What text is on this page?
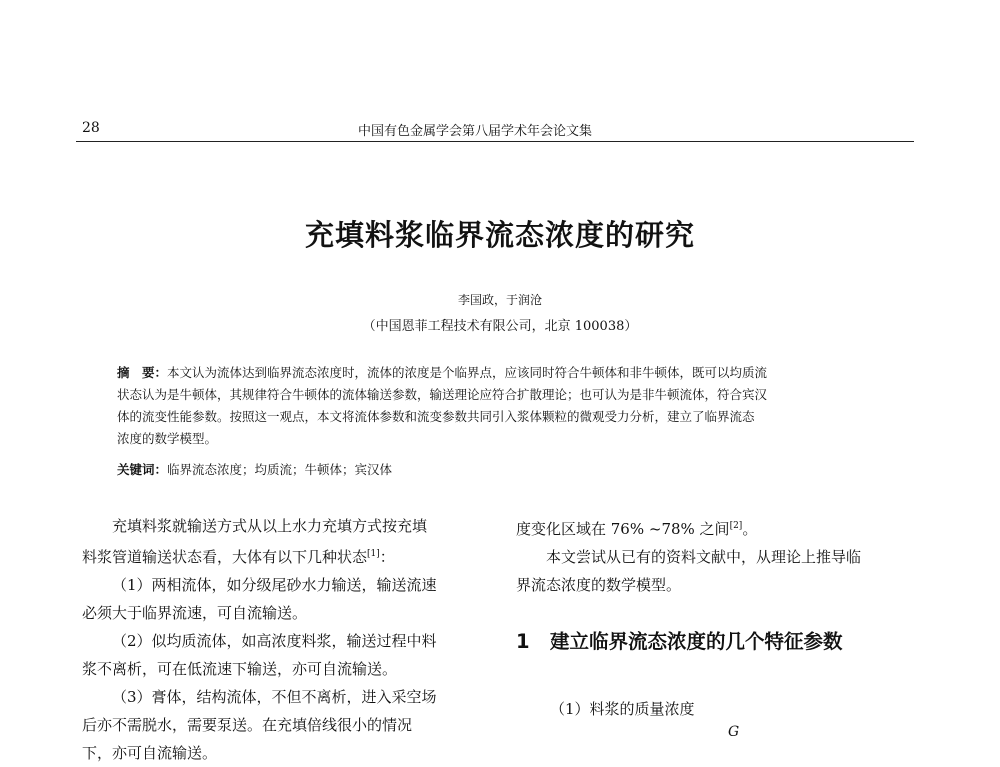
28	中国有色金属学会第八届学术年会论文集
充填料浆临界流态浓度的研究
李国政，于润沧
（中国恩菲工程技术有限公司，北京 100038）
摘　要：本文认为流体达到临界流态浓度时，流体的浓度是个临界点，应该同时符合牛顿体和非牛顿体，既可以均质流
状态认为是牛顿体，其规律符合牛顿体的流体输送参数，输送理论应符合扩散理论；也可认为是非牛顿流体，符合宾汉
体的流变性能参数。按照这一观点，本文将流体参数和流变参数共同引入浆体颗粒的微观受力分析，建立了临界流态
浓度的数学模型。
关键词：临界流态浓度；均质流；牛顿体；宾汉体

充填料浆就输送方式从以上水力充填方式按充填

料浆管道输送状态看，大体有以下几种状态[1]：

（1）两相流体，如分级尾砂水力输送，输送流速

必须大于临界流速，可自流输送。

（2）似均质流体，如高浓度料浆，输送过程中料

浆不离析，可在低流速下输送，亦可自流输送。

（3）膏体，结构流体，不但不离析，进入采空场

后亦不需脱水，需要泵送。在充填倍线很小的情况

下，亦可自流输送。

度变化区域在 76% ~78% 之间[2]。

本文尝试从已有的资料文献中，从理论上推导临

界流态浓度的数学模型。

1 建立临界流态浓度的几个特征参数
（1）料浆的质量浓度
G
